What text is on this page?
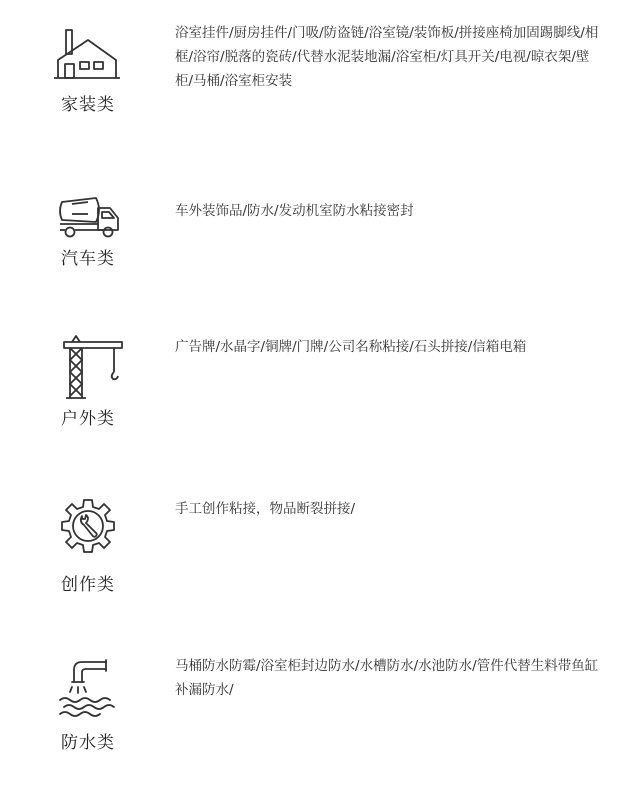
家装类
浴室挂件/厨房挂件/门吸/防盗链/浴室镜/装饰板/拼接座椅加固踢脚线/相框/浴帘/脱落的瓷砖/代替水泥装地漏/浴室柜/灯具开关/电视/晾衣架/壁柜/马桶/浴室柜安装
汽车类
车外装饰品/防水/发动机室防水粘接密封
户外类
广告牌/水晶字/铜牌/门牌/公司名称粘接/石头拼接/信箱电箱
创作类
手工创作粘接，物品断裂拼接/
防水类
马桶防水防霉/浴室柜封边防水/水槽防水/水池防水/管件代替生料带鱼缸补漏防水/
